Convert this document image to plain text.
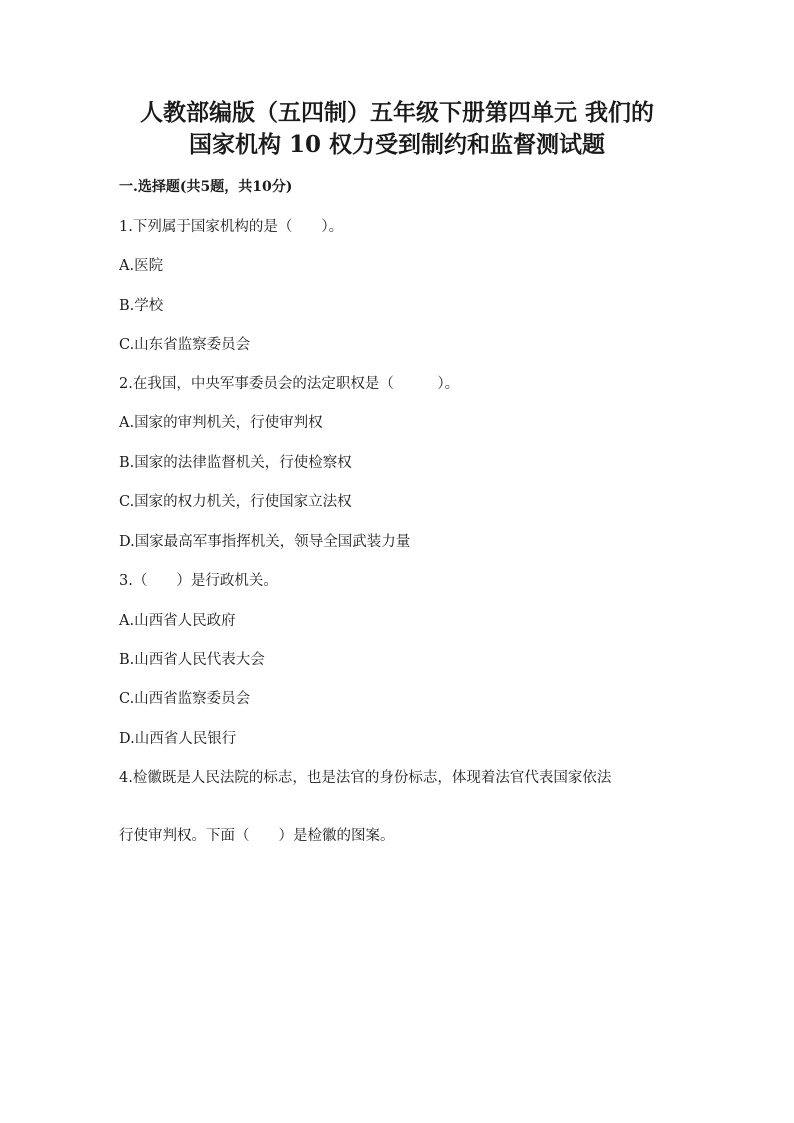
人教部编版（五四制）五年级下册第四单元 我们的
国家机构 10 权力受到制约和监督测试题
一.选择题(共5题，共10分)
1.下列属于国家机构的是（　　）。
A.医院
B.学校
C.山东省监察委员会
2.在我国，中央军事委员会的法定职权是（　　　）。
A.国家的审判机关，行使审判权
B.国家的法律监督机关，行使检察权
C.国家的权力机关，行使国家立法权
D.国家最高军事指挥机关，领导全国武装力量
3.（　　）是行政机关。
A.山西省人民政府
B.山西省人民代表大会
C.山西省监察委员会
D.山西省人民银行
4.检徽既是人民法院的标志，也是法官的身份标志，体现着法官代表国家依法
行使审判权。下面（　　）是检徽的图案。
